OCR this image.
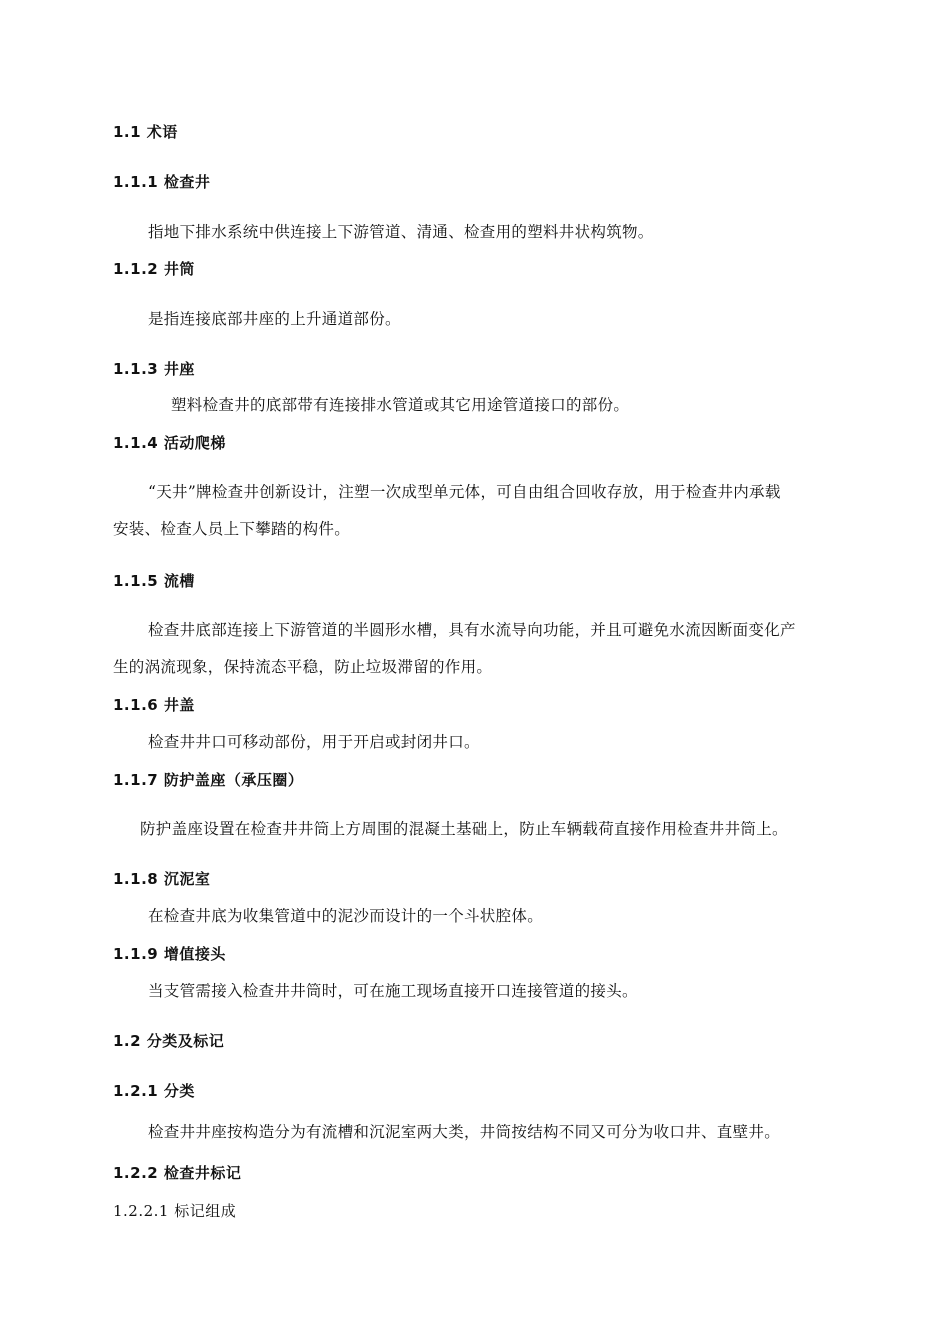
1.1 术语
1.1.1 检查井
指地下排水系统中供连接上下游管道、清通、检查用的塑料井状构筑物。
1.1.2 井筒
是指连接底部井座的上升通道部份。
1.1.3 井座
塑料检查井的底部带有连接排水管道或其它用途管道接口的部份。
1.1.4 活动爬梯
“天井”牌检查井创新设计，注塑一次成型单元体，可自由组合回收存放，用于检查井内承载
安装、检查人员上下攀踏的构件。
1.1.5 流槽
检查井底部连接上下游管道的半圆形水槽，具有水流导向功能，并且可避免水流因断面变化产
生的涡流现象，保持流态平稳，防止垃圾滞留的作用。
1.1.6 井盖
检查井井口可移动部份，用于开启或封闭井口。
1.1.7 防护盖座（承压圈）
防护盖座设置在检查井井筒上方周围的混凝土基础上，防止车辆载荷直接作用检查井井筒上。
1.1.8 沉泥室
在检查井底为收集管道中的泥沙而设计的一个斗状腔体。
1.1.9 增值接头
当支管需接入检查井井筒时，可在施工现场直接开口连接管道的接头。
1.2 分类及标记
1.2.1 分类
检查井井座按构造分为有流槽和沉泥室两大类，井筒按结构不同又可分为收口井、直壁井。
1.2.2 检查井标记
1.2.2.1 标记组成
